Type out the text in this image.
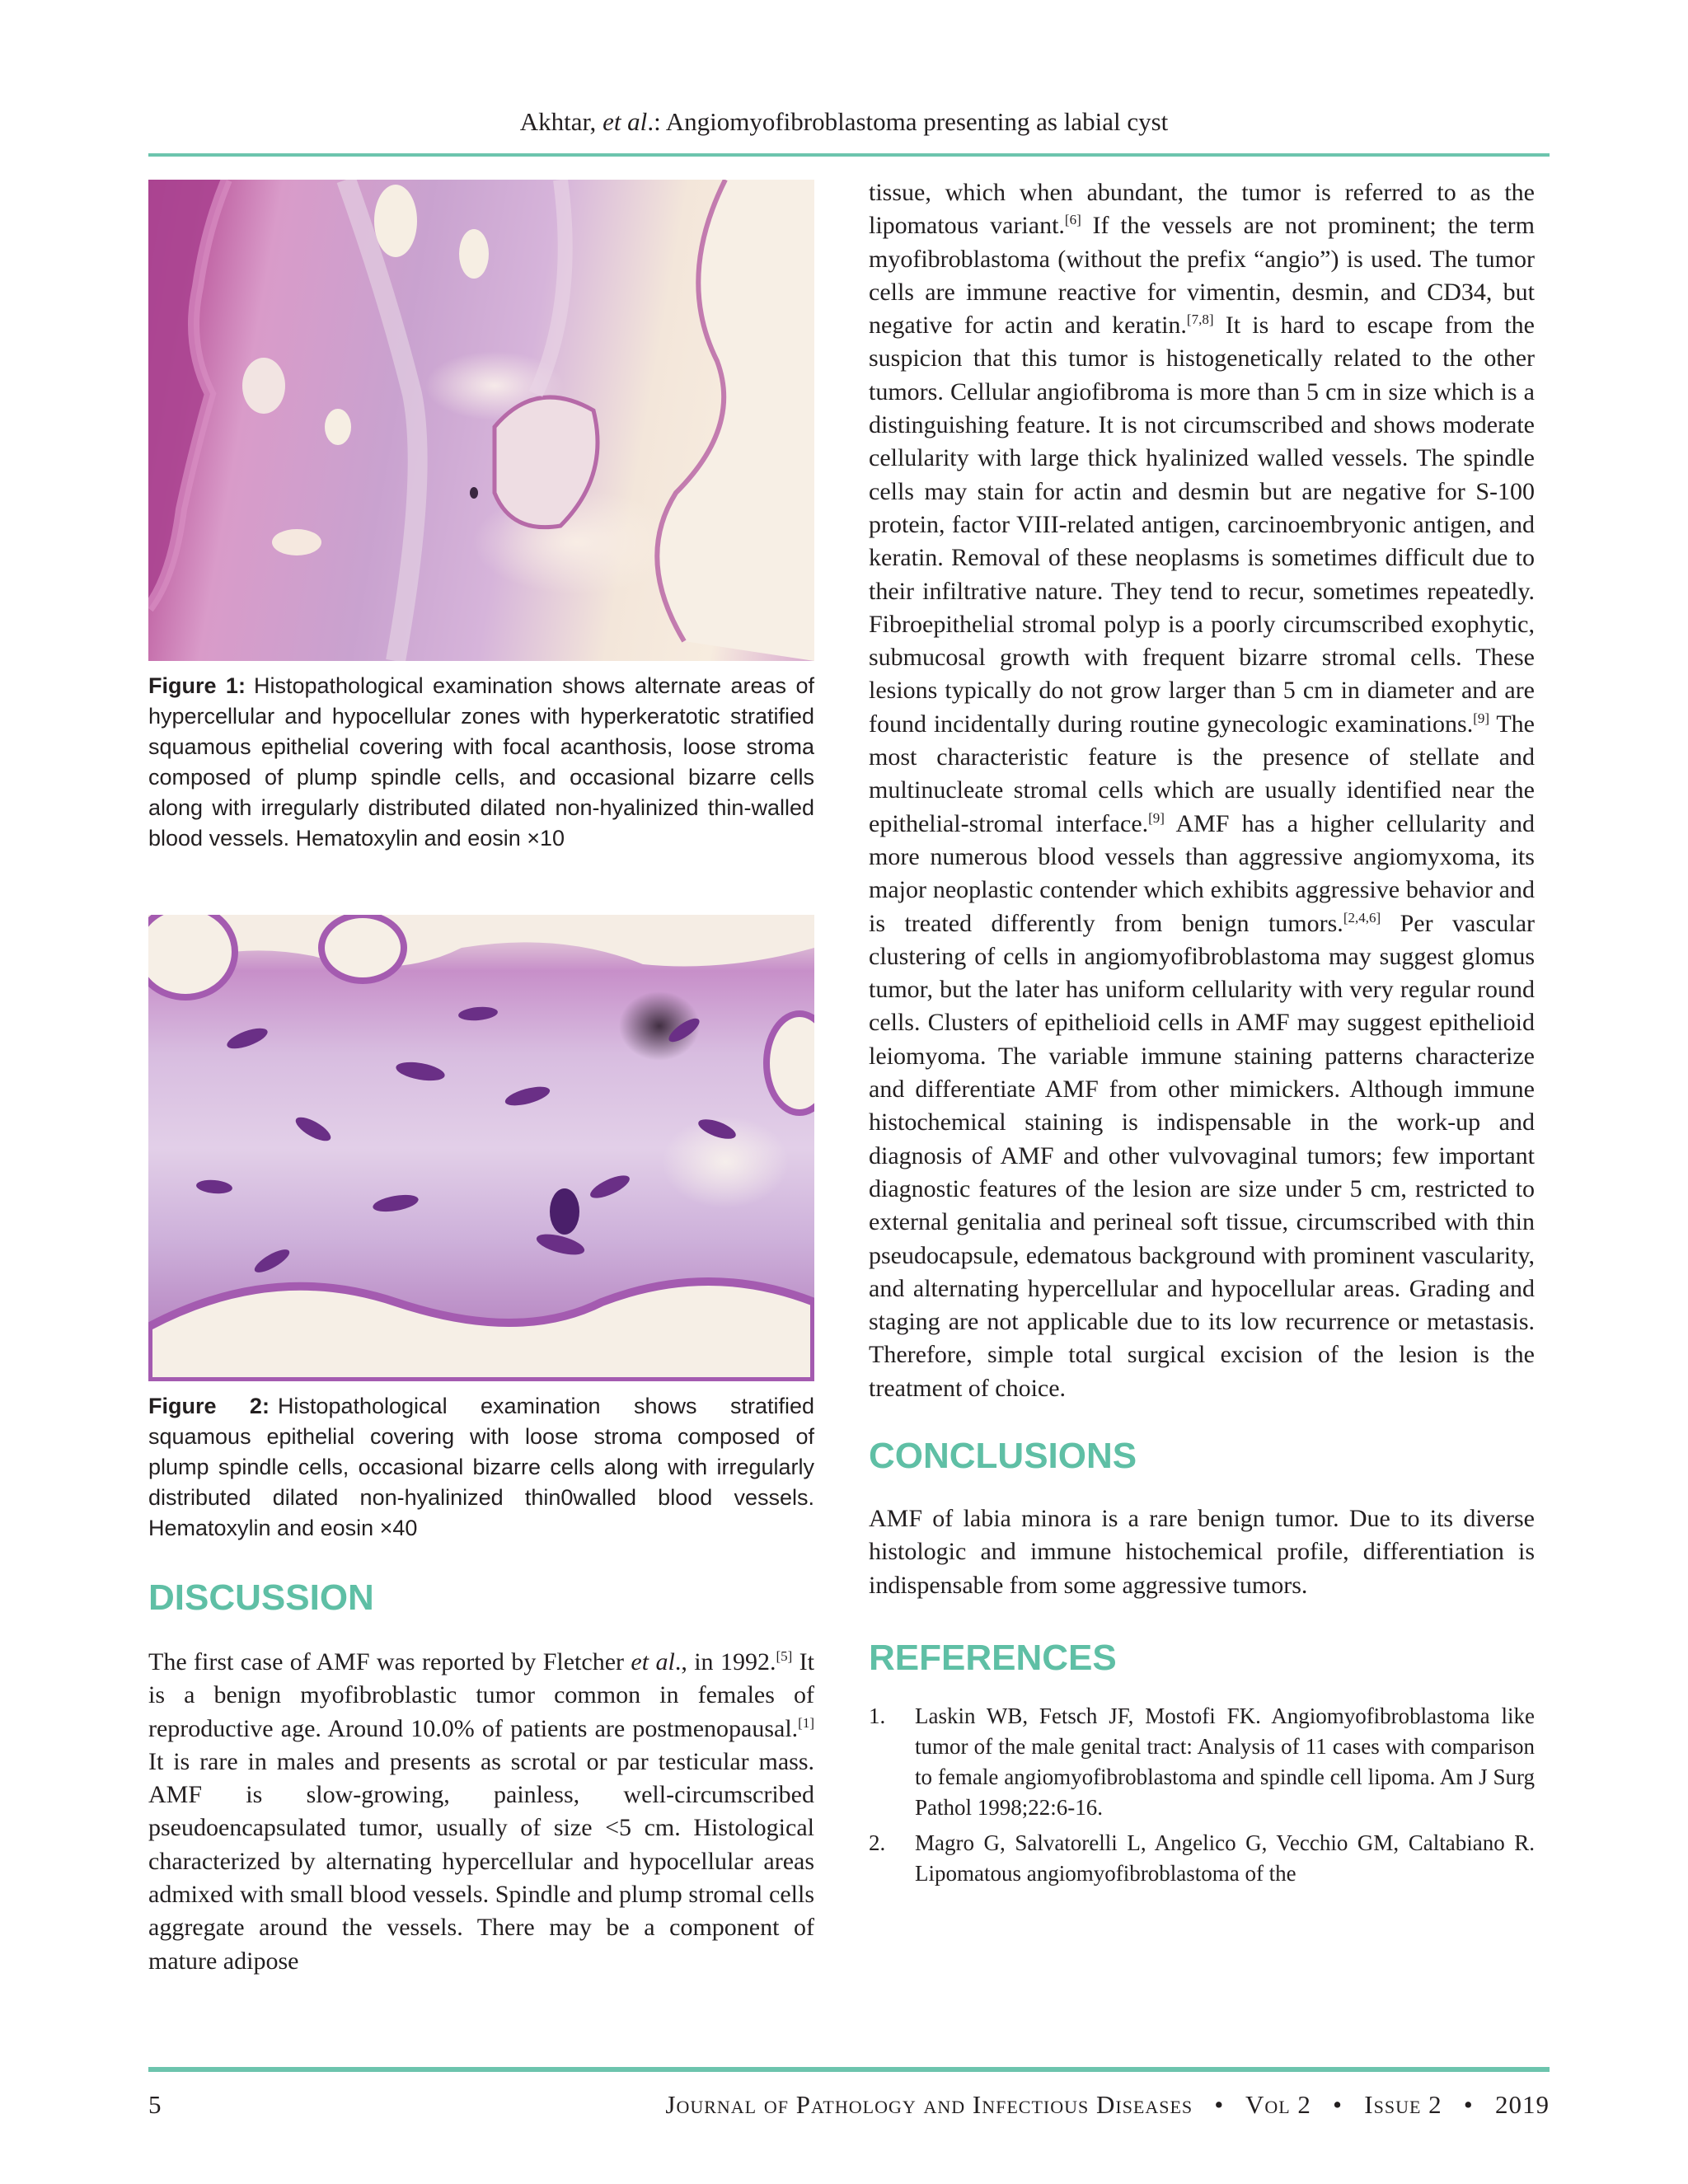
Akhtar, et al.: Angiomyofibroblastoma presenting as labial cyst

Figure 1: Histopathological examination shows alternate areas of hypercellular and hypocellular zones with hyperkeratotic stratified squamous epithelial covering with focal acanthosis, loose stroma composed of plump spindle cells, and occasional bizarre cells along with irregularly distributed dilated non-hyalinized thin-walled blood vessels. Hematoxylin and eosin ×10

Figure 2: Histopathological examination shows stratified squamous epithelial covering with loose stroma composed of plump spindle cells, occasional bizarre cells along with irregularly distributed dilated non-hyalinized thin0walled blood vessels. Hematoxylin and eosin ×40

DISCUSSION

The first case of AMF was reported by Fletcher et al., in 1992.[5] It is a benign myofibroblastic tumor common in females of reproductive age. Around 10.0% of patients are postmenopausal.[1] It is rare in males and presents as scrotal or par testicular mass. AMF is slow-growing, painless, well-circumscribed pseudoencapsulated tumor, usually of size <5 cm. Histological characterized by alternating hypercellular and hypocellular areas admixed with small blood vessels. Spindle and plump stromal cells aggregate around the vessels. There may be a component of mature adipose

tissue, which when abundant, the tumor is referred to as the lipomatous variant.[6] If the vessels are not prominent; the term myofibroblastoma (without the prefix “angio”) is used. The tumor cells are immune reactive for vimentin, desmin, and CD34, but negative for actin and keratin.[7,8] It is hard to escape from the suspicion that this tumor is histogenetically related to the other tumors. Cellular angiofibroma is more than 5 cm in size which is a distinguishing feature. It is not circumscribed and shows moderate cellularity with large thick hyalinized walled vessels. The spindle cells may stain for actin and desmin but are negative for S-100 protein, factor VIII-related antigen, carcinoembryonic antigen, and keratin. Removal of these neoplasms is sometimes difficult due to their infiltrative nature. They tend to recur, sometimes repeatedly. Fibroepithelial stromal polyp is a poorly circumscribed exophytic, submucosal growth with frequent bizarre stromal cells. These lesions typically do not grow larger than 5 cm in diameter and are found incidentally during routine gynecologic examinations.[9] The most characteristic feature is the presence of stellate and multinucleate stromal cells which are usually identified near the epithelial-stromal interface.[9] AMF has a higher cellularity and more numerous blood vessels than aggressive angiomyxoma, its major neoplastic contender which exhibits aggressive behavior and is treated differently from benign tumors.[2,4,6] Per vascular clustering of cells in angiomyofibroblastoma may suggest glomus tumor, but the later has uniform cellularity with very regular round cells. Clusters of epithelioid cells in AMF may suggest epithelioid leiomyoma. The variable immune staining patterns characterize and differentiate AMF from other mimickers. Although immune histochemical staining is indispensable in the work-up and diagnosis of AMF and other vulvovaginal tumors; few important diagnostic features of the lesion are size under 5 cm, restricted to external genitalia and perineal soft tissue, circumscribed with thin pseudocapsule, edematous background with prominent vascularity, and alternating hypercellular and hypocellular areas. Grading and staging are not applicable due to its low recurrence or metastasis. Therefore, simple total surgical excision of the lesion is the treatment of choice.

CONCLUSIONS

AMF of labia minora is a rare benign tumor. Due to its diverse histologic and immune histochemical profile, differentiation is indispensable from some aggressive tumors.

REFERENCES
1.	Laskin WB, Fetsch JF, Mostofi FK. Angiomyofibroblastoma like tumor of the male genital tract: Analysis of 11 cases with comparison to female angiomyofibroblastoma and spindle cell lipoma. Am J Surg Pathol 1998;22:6-16.
2.	Magro G, Salvatorelli L, Angelico G, Vecchio GM, Caltabiano R. Lipomatous angiomyofibroblastoma of the
5	Journal of Pathology and Infectious Diseases   •   Vol 2   •   Issue 2   •   2019
